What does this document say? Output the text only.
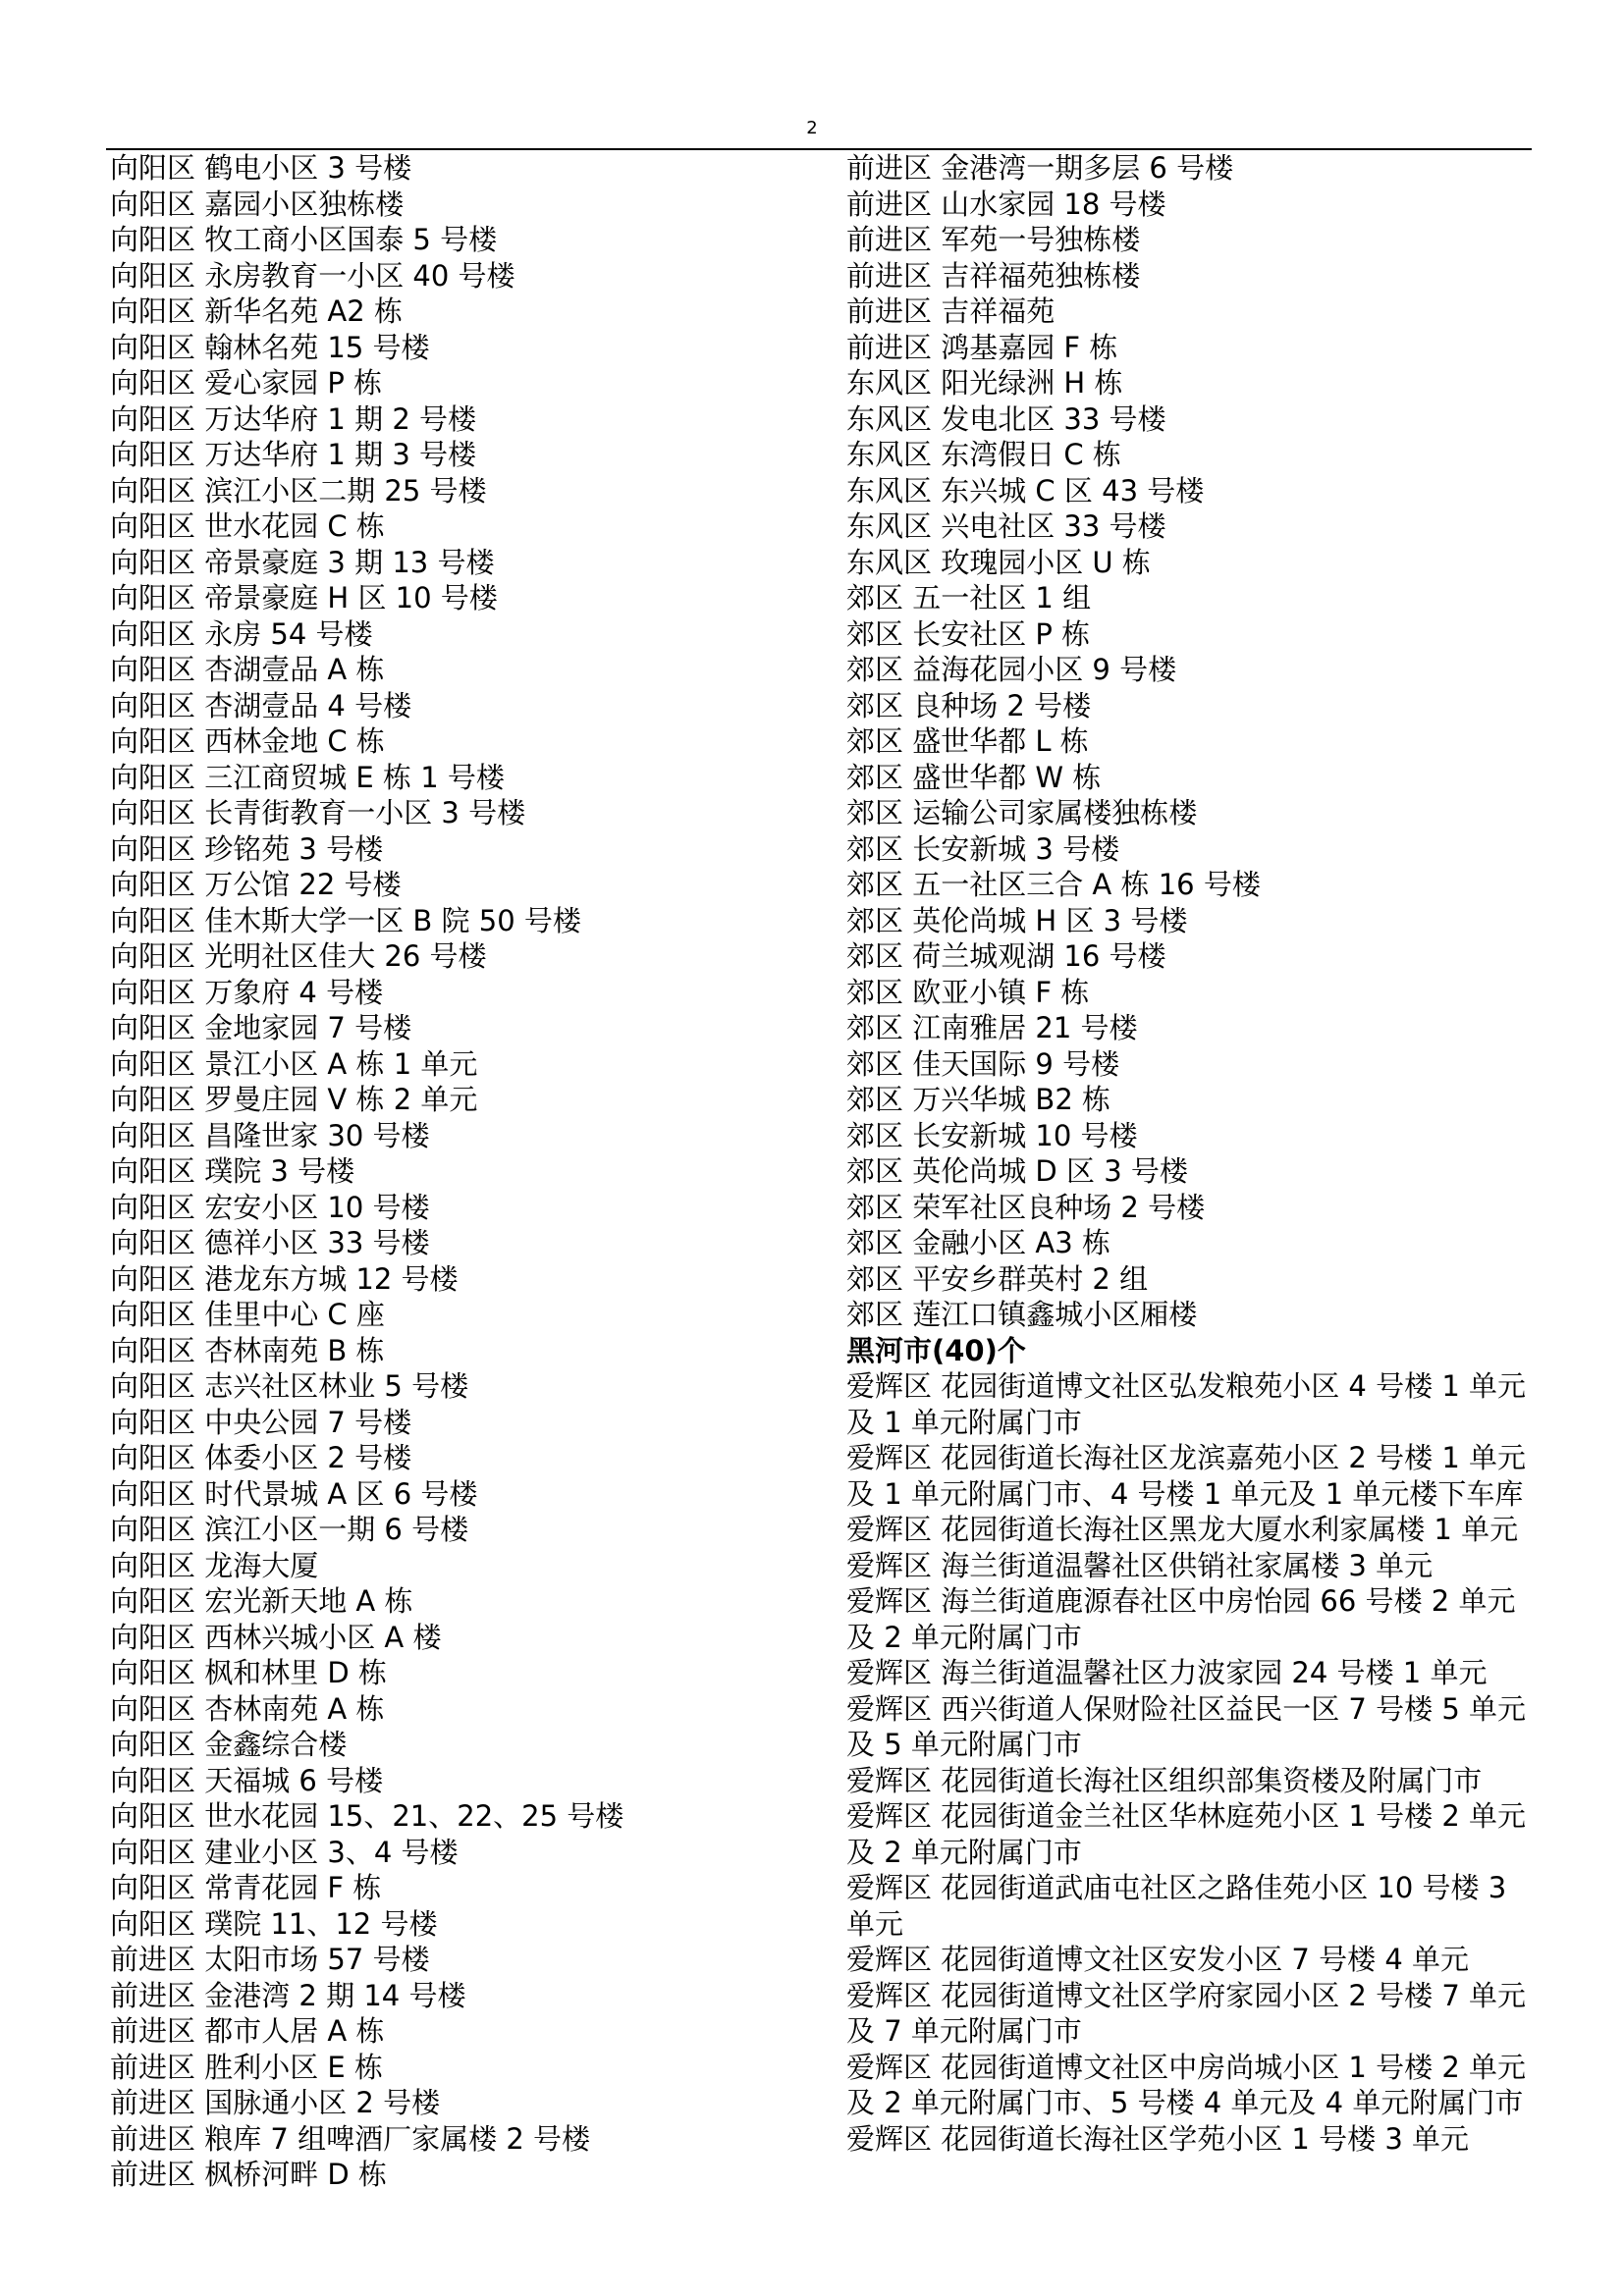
2
向阳区 鹤电小区 3 号楼
向阳区 嘉园小区独栋楼
向阳区 牧工商小区国泰 5 号楼
向阳区 永房教育一小区 40 号楼
向阳区 新华名苑 A2 栋
向阳区 翰林名苑 15 号楼
向阳区 爱心家园 P 栋
向阳区 万达华府 1 期 2 号楼
向阳区 万达华府 1 期 3 号楼
向阳区 滨江小区二期 25 号楼
向阳区 世水花园 C 栋
向阳区 帝景豪庭 3 期 13 号楼
向阳区 帝景豪庭 H 区 10 号楼
向阳区 永房 54 号楼
向阳区 杏湖壹品 A 栋
向阳区 杏湖壹品 4 号楼
向阳区 西林金地 C 栋
向阳区 三江商贸城 E 栋 1 号楼
向阳区 长青街教育一小区 3 号楼
向阳区 珍铭苑 3 号楼
向阳区 万公馆 22 号楼
向阳区 佳木斯大学一区 B 院 50 号楼
向阳区 光明社区佳大 26 号楼
向阳区 万象府 4 号楼
向阳区 金地家园 7 号楼
向阳区 景江小区 A 栋 1 单元
向阳区 罗曼庄园 V 栋 2 单元
向阳区 昌隆世家 30 号楼
向阳区 璞院 3 号楼
向阳区 宏安小区 10 号楼
向阳区 德祥小区 33 号楼
向阳区 港龙东方城 12 号楼
向阳区 佳里中心 C 座
向阳区 杏林南苑 B 栋
向阳区 志兴社区林业 5 号楼
向阳区 中央公园 7 号楼
向阳区 体委小区 2 号楼
向阳区 时代景城 A 区 6 号楼
向阳区 滨江小区一期 6 号楼
向阳区 龙海大厦
向阳区 宏光新天地 A 栋
向阳区 西林兴城小区 A 楼
向阳区 枫和林里 D 栋
向阳区 杏林南苑 A 栋
向阳区 金鑫综合楼
向阳区 天福城 6 号楼
向阳区 世水花园 15、21、22、25 号楼
向阳区 建业小区 3、4 号楼
向阳区 常青花园 F 栋
向阳区 璞院 11、12 号楼
前进区 太阳市场 57 号楼
前进区 金港湾 2 期 14 号楼
前进区 都市人居 A 栋
前进区 胜利小区 E 栋
前进区 国脉通小区 2 号楼
前进区 粮库 7 组啤酒厂家属楼 2 号楼
前进区 枫桥河畔 D 栋
前进区 金港湾一期多层 6 号楼
前进区 山水家园 18 号楼
前进区 军苑一号独栋楼
前进区 吉祥福苑独栋楼
前进区 吉祥福苑
前进区 鸿基嘉园 F 栋
东风区 阳光绿洲 H 栋
东风区 发电北区 33 号楼
东风区 东湾假日 C 栋
东风区 东兴城 C 区 43 号楼
东风区 兴电社区 33 号楼
东风区 玫瑰园小区 U 栋
郊区 五一社区 1 组
郊区 长安社区 P 栋
郊区 益海花园小区 9 号楼
郊区 良种场 2 号楼
郊区 盛世华都 L 栋
郊区 盛世华都 W 栋
郊区 运输公司家属楼独栋楼
郊区 长安新城 3 号楼
郊区 五一社区三合 A 栋 16 号楼
郊区 英伦尚城 H 区 3 号楼
郊区 荷兰城观湖 16 号楼
郊区 欧亚小镇 F 栋
郊区 江南雅居 21 号楼
郊区 佳天国际 9 号楼
郊区 万兴华城 B2 栋
郊区 长安新城 10 号楼
郊区 英伦尚城 D 区 3 号楼
郊区 荣军社区良种场 2 号楼
郊区 金融小区 A3 栋
郊区 平安乡群英村 2 组
郊区 莲江口镇鑫城小区厢楼
黑河市(40)个
爱辉区 花园街道博文社区弘发粮苑小区 4 号楼 1 单元
及 1 单元附属门市
爱辉区 花园街道长海社区龙滨嘉苑小区 2 号楼 1 单元
及 1 单元附属门市、4 号楼 1 单元及 1 单元楼下车库
爱辉区 花园街道长海社区黑龙大厦水利家属楼 1 单元
爱辉区 海兰街道温馨社区供销社家属楼 3 单元
爱辉区 海兰街道鹿源春社区中房怡园 66 号楼 2 单元
及 2 单元附属门市
爱辉区 海兰街道温馨社区力波家园 24 号楼 1 单元
爱辉区 西兴街道人保财险社区益民一区 7 号楼 5 单元
及 5 单元附属门市
爱辉区 花园街道长海社区组织部集资楼及附属门市
爱辉区 花园街道金兰社区华林庭苑小区 1 号楼 2 单元
及 2 单元附属门市
爱辉区 花园街道武庙屯社区之路佳苑小区 10 号楼 3
单元
爱辉区 花园街道博文社区安发小区 7 号楼 4 单元
爱辉区 花园街道博文社区学府家园小区 2 号楼 7 单元
及 7 单元附属门市
爱辉区 花园街道博文社区中房尚城小区 1 号楼 2 单元
及 2 单元附属门市、5 号楼 4 单元及 4 单元附属门市
爱辉区 花园街道长海社区学苑小区 1 号楼 3 单元
